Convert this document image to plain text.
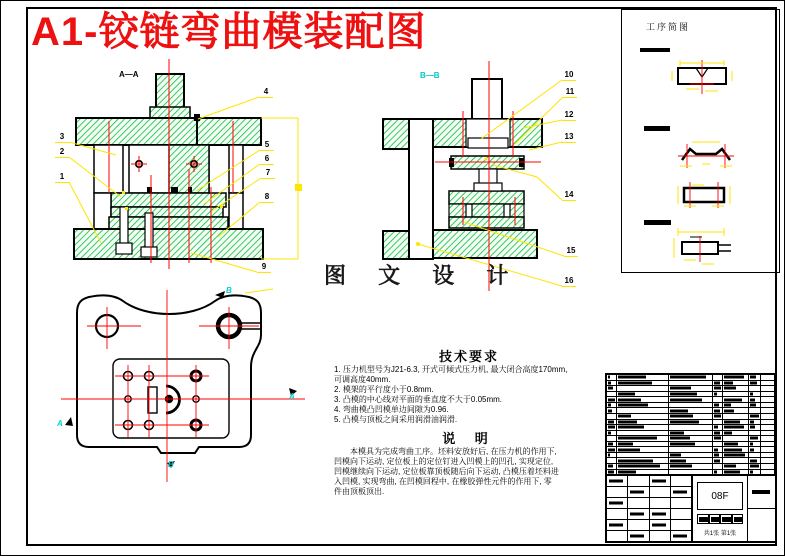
A1-铰链弯曲模装配图
A—A	B—B
图 文 设 计
B
B
A
A
1
2
3
4
5
6
7
8
9
10
11
12
13
14
15
16
技术要求
1. 压力机型号为J21-6.3, 开式可倾式压力机, 最大闭合高度170mm,
可调高度40mm.
2. 模架的平行度小于0.8mm.
3. 凸模的中心线对平面的垂直度不大于0.05mm.
4. 弯曲模凸凹模单边间隙为0.96.
5. 凸模与顶板之间采用润滑油润滑.
说 明
本模具为完成弯曲工序。坯料安放好后, 在压力机的作用下,
凹模向下运动, 定位板上的定位钉进入凹模上的凹孔, 实现定位,
凹模继续向下运动, 定位板靠顶板随后向下运动, 凸模压着坯料进
入凹模, 实现弯曲, 在凹模回程中, 在橡胶弹性元件的作用下, 零
件由顶板顶出.
工序简图
08F
共1张 第1张
